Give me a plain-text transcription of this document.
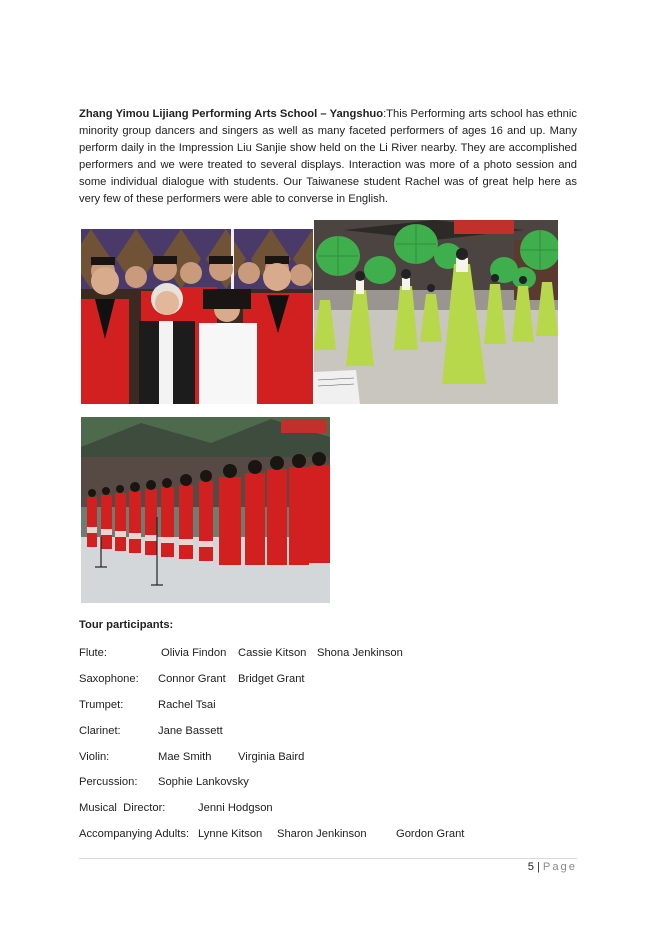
Zhang Yimou Lijiang Performing Arts School – Yangshuo:This Performing arts school has ethnic minority group dancers and singers as well as many faceted performers of ages 16 and up. Many perform daily in the Impression Liu Sanjie show held on the Li River nearby. They are accomplished performers and we were treated to several displays. Interaction was more of a photo session and some individual dialogue with students. Our Taiwanese student Rachel was of great help here as very few of these performers were able to converse in English.

Tour participants:
Flute:	Olivia Findon Cassie Kitson Shona Jenkinson
Saxophone: Connor Grant Bridget Grant
Trumpet:	Rachel Tsai
Clarinet:	Jane Bassett
Violin:	Mae Smith Virginia Baird
Percussion: Sophie Lankovsky
Musical  Director:	Jenni Hodgson
Accompanying Adults: Lynne Kitson Sharon Jenkinson	Gordon Grant
5 | Page
